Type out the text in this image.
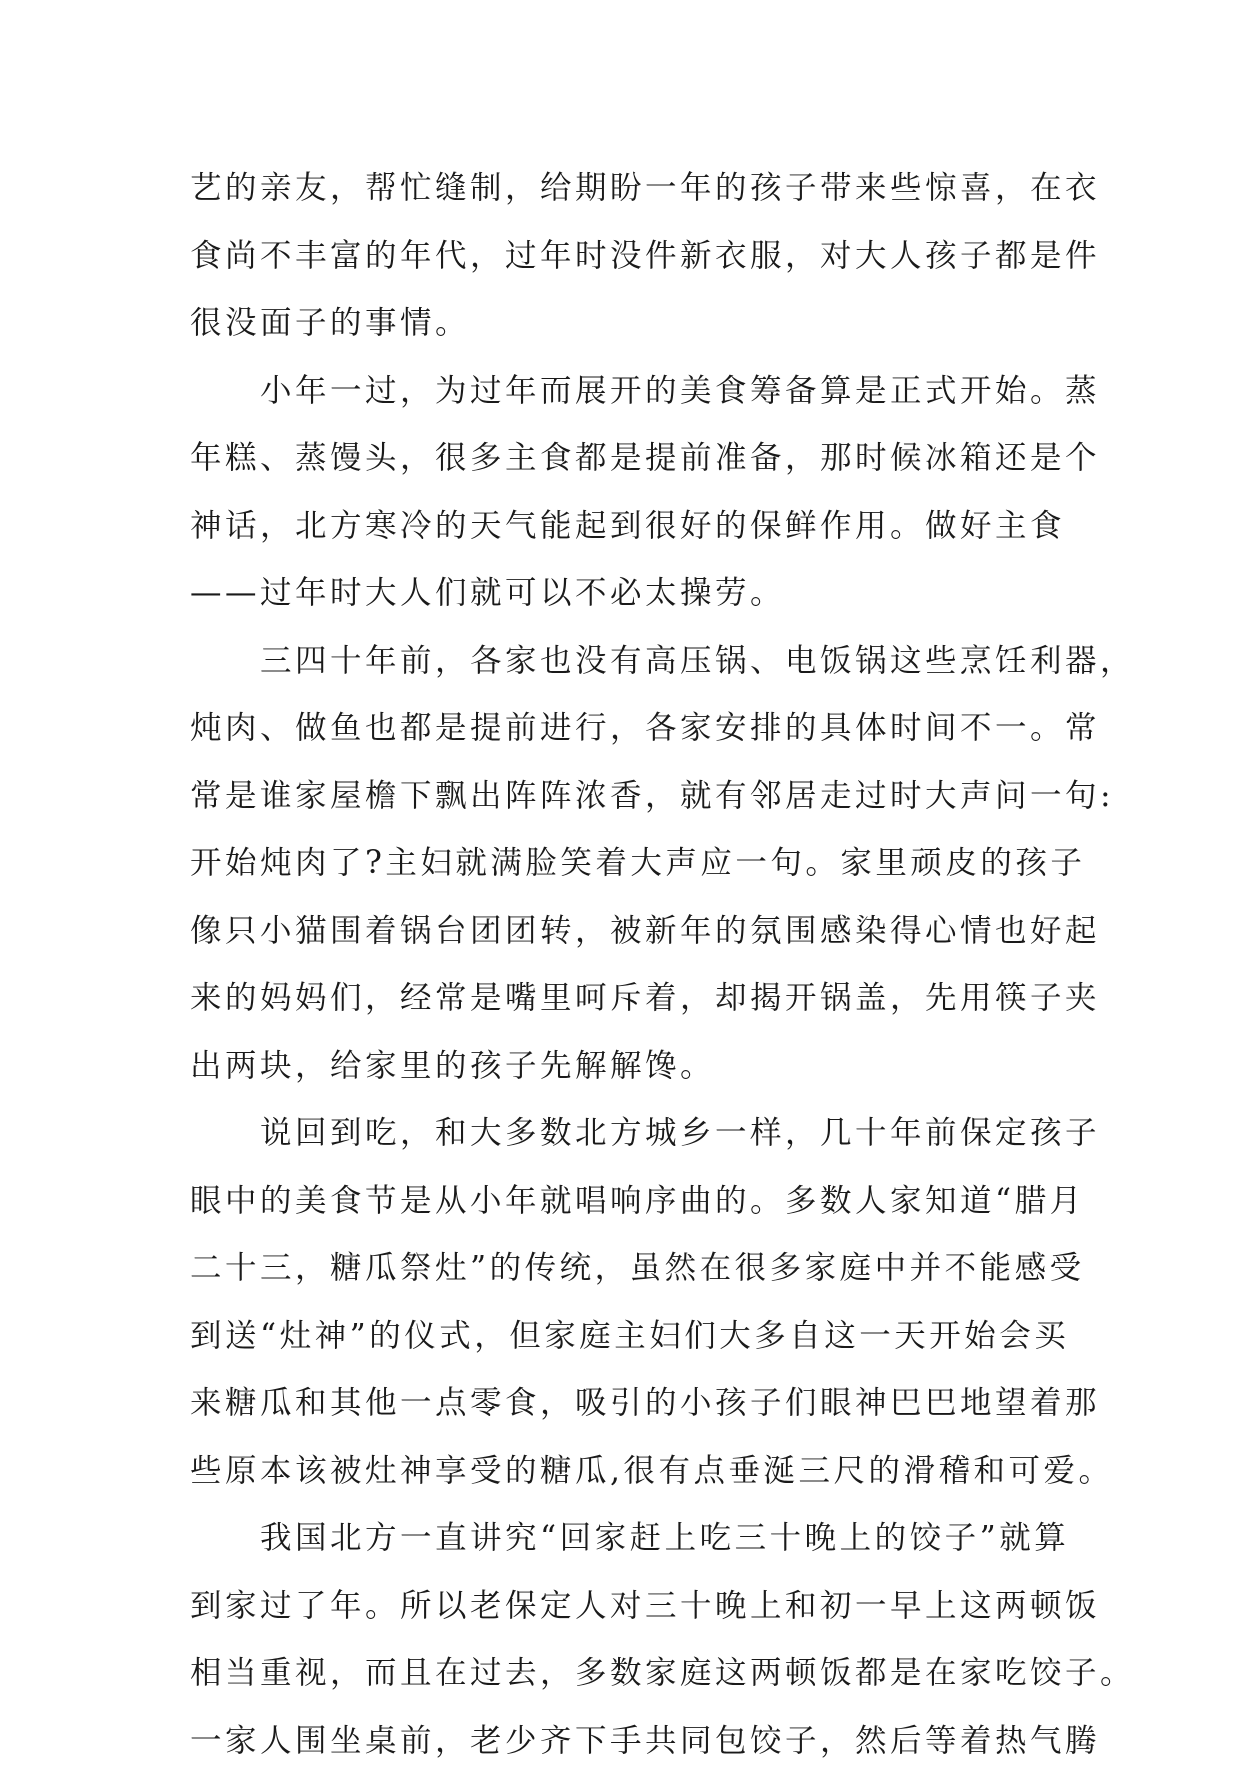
艺的亲友，帮忙缝制，给期盼一年的孩子带来些惊喜，在衣
食尚不丰富的年代，过年时没件新衣服，对大人孩子都是件
很没面子的事情。
小年一过，为过年而展开的美食筹备算是正式开始。蒸
年糕、蒸馒头，很多主食都是提前准备，那时候冰箱还是个
神话，北方寒冷的天气能起到很好的保鲜作用。做好主食
——过年时大人们就可以不必太操劳。
三四十年前，各家也没有高压锅、电饭锅这些烹饪利器，
炖肉、做鱼也都是提前进行，各家安排的具体时间不一。常
常是谁家屋檐下飘出阵阵浓香，就有邻居走过时大声问一句:
开始炖肉了?主妇就满脸笑着大声应一句。家里顽皮的孩子
像只小猫围着锅台团团转，被新年的氛围感染得心情也好起
来的妈妈们，经常是嘴里呵斥着，却揭开锅盖，先用筷子夹
出两块，给家里的孩子先解解馋。
说回到吃，和大多数北方城乡一样，几十年前保定孩子
眼中的美食节是从小年就唱响序曲的。多数人家知道“腊月
二十三，糖瓜祭灶”的传统，虽然在很多家庭中并不能感受
到送“灶神”的仪式，但家庭主妇们大多自这一天开始会买
来糖瓜和其他一点零食，吸引的小孩子们眼神巴巴地望着那
些原本该被灶神享受的糖瓜,很有点垂涎三尺的滑稽和可爱。
我国北方一直讲究“回家赶上吃三十晚上的饺子”就算
到家过了年。所以老保定人对三十晚上和初一早上这两顿饭
相当重视，而且在过去，多数家庭这两顿饭都是在家吃饺子。
一家人围坐桌前，老少齐下手共同包饺子，然后等着热气腾
